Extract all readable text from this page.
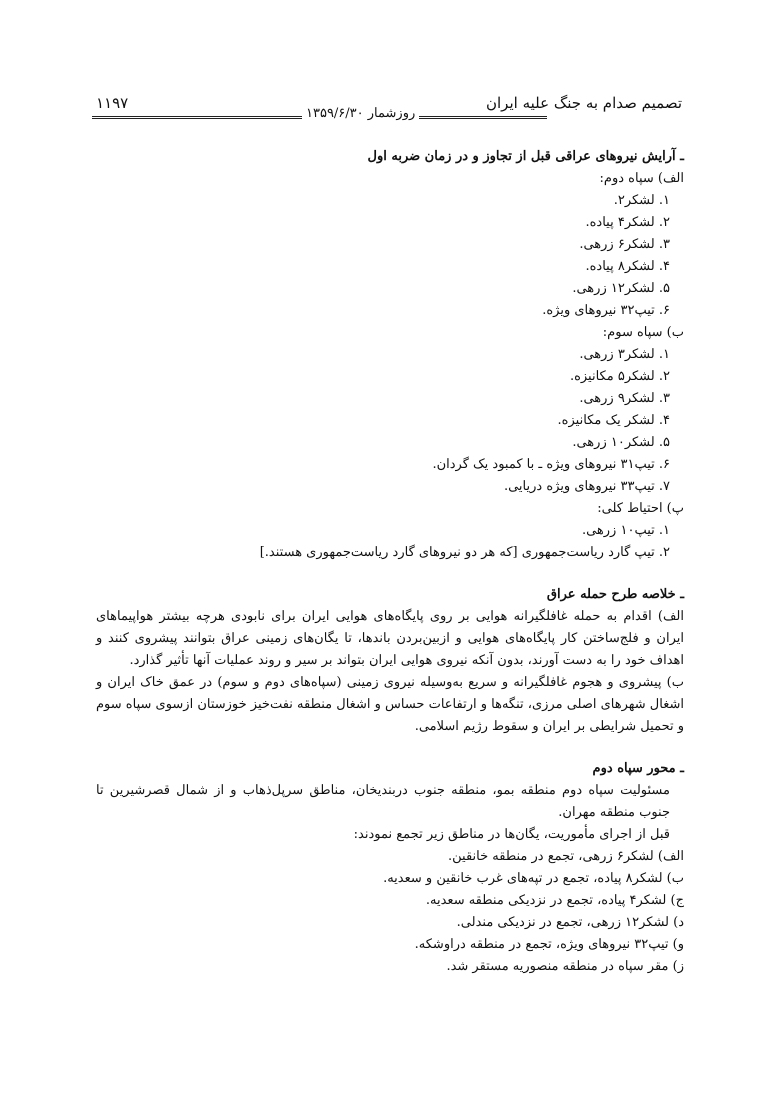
تصمیم صدام به جنگ علیه ایران
روزشمار ۱۳۵۹/۶/۳۰
۱۱۹۷
ـ آرایش نیروهای عراقی قبل از تجاوز و در زمان ضربه اول
الف) سپاه دوم:
۱. لشکر۲.
۲. لشکر۴ پیاده.
۳. لشکر۶ زرهی.
۴. لشکر۸ پیاده.
۵. لشکر۱۲ زرهی.
۶. تیپ۳۲ نیروهای ویژه.
ب) سپاه سوم:
۱. لشکر۳ زرهی.
۲. لشکر۵ مکانیزه.
۳. لشکر۹ زرهی.
۴. لشکر یک مکانیزه.
۵. لشکر۱۰ زرهی.
۶. تیپ۳۱ نیروهای ویژه ـ با کمبود یک گردان.
۷. تیپ۳۳ نیروهای ویژه دریایی.
پ) احتیاط کلی:
۱. تیپ۱۰ زرهی.
۲. تیپ گارد ریاست‌جمهوری [که هر دو نیروهای گارد ریاست‌جمهوری هستند.]
ـ خلاصه طرح حمله عراق
الف) اقدام به حمله غافلگیرانه هوایی بر روی پایگاه‌های هوایی ایران برای نابودی هرچه بیشتر هواپیماهای ایران و فلج‌ساختن کار پایگاه‌های هوایی و ازبین‌بردن باندها، تا یگان‌های زمینی عراق بتوانند پیشروی کنند و اهداف خود را به دست آورند، بدون آنکه نیروی هوایی ایران بتواند بر سیر و روند عملیات آنها تأثیر گذارد.
ب) پیشروی و هجوم غافلگیرانه و سریع به‌وسیله نیروی زمینی (سپاه‌های دوم و سوم) در عمق خاک ایران و اشغال شهرهای اصلی مرزی، تنگه‌ها و ارتفاعات حساس و اشغال منطقه نفت‌خیز خوزستان ازسوی سپاه سوم و تحمیل شرایطی بر ایران و سقوط رژیم اسلامی.
ـ محور سپاه دوم
مسئولیت سپاه دوم منطقه بمو، منطقه جنوب دربندیخان، مناطق سرپل‌ذهاب و از شمال قصرشیرین تا جنوب منطقه مهران.
قبل از اجرای مأموریت، یگان‌ها در مناطق زیر تجمع نمودند:
الف) لشکر۶ زرهی، تجمع در منطقه خانقین.
ب) لشکر۸ پیاده، تجمع در تپه‌های غرب خانقین و سعدیه.
ج) لشکر۴ پیاده، تجمع در نزدیکی منطقه سعدیه.
د) لشکر۱۲ زرهی، تجمع در نزدیکی مندلی.
و) تیپ۳۲ نیروهای ویژه، تجمع در منطقه دراوشکه.
ز) مقر سپاه در منطقه منصوریه مستقر شد.
